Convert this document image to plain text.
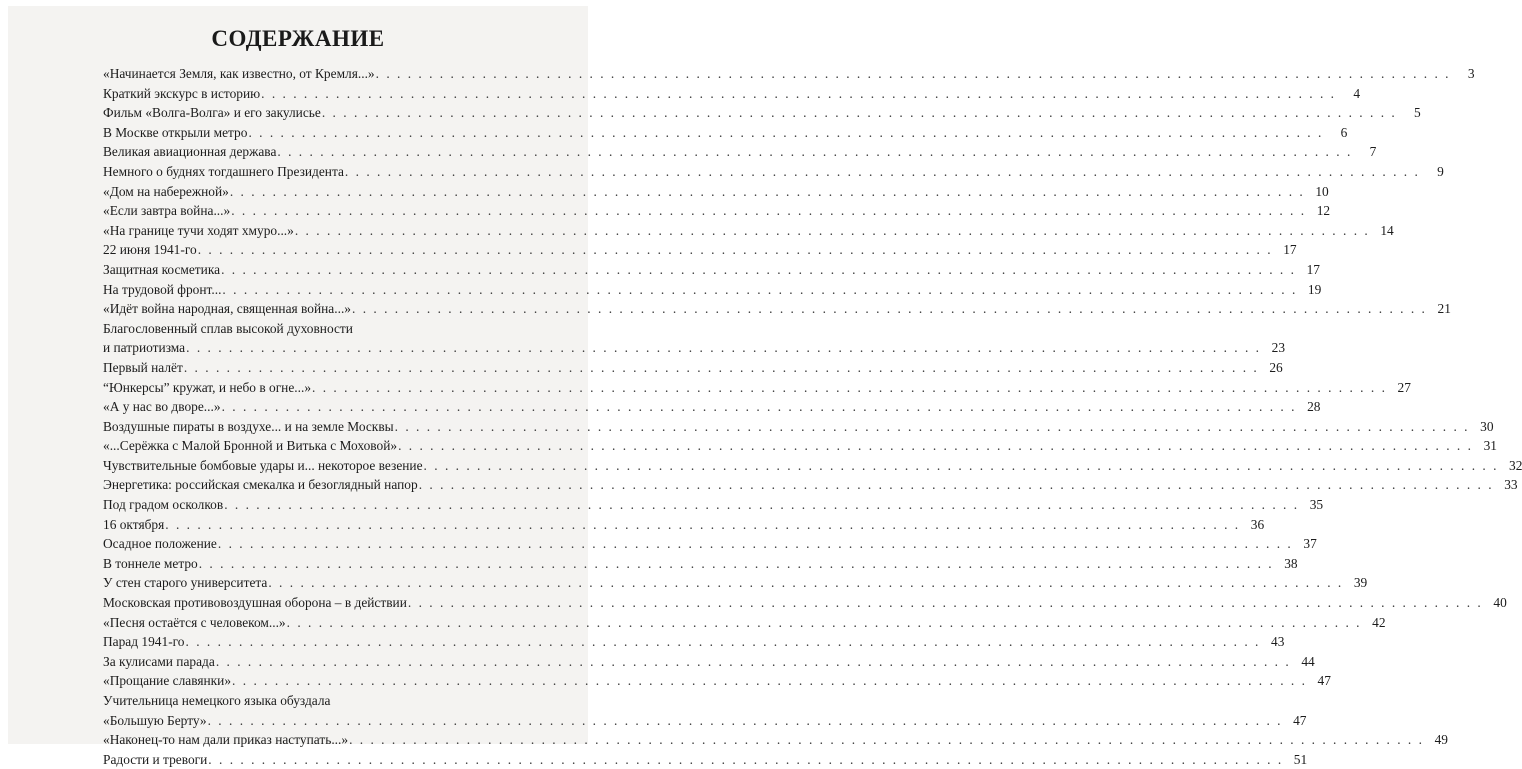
СОДЕРЖАНИЕ
«Начинается Земля, как известно, от Кремля...» . . .	3
Краткий экскурс в историю . . .	4
Фильм «Волга-Волга» и его закулисье . . .	5
В Москве открыли метро . . .	6
Великая авиационная держава . . .	7
Немного о буднях тогдашнего Президента . . .	9
«Дом на набережной» . . .	10
«Если завтра война...» . . .	12
«На границе тучи ходят хмуро...» . . .	14
22 июня 1941-го . . .	17
Защитная косметика . . .	17
На трудовой фронт... . . .	19
«Идёт война народная, священная война...» . . .	21
Благословенный сплав высокой духовности
и патриотизма . . .	23
Первый налёт . . .	26
“Юнкерсы” кружат, и небо в огне...» . . .	27
«А у нас во дворе...» . . .	28
Воздушные пираты в воздухе... и на земле Москвы . . .	30
«...Серёжка с Малой Бронной и Витька с Моховой» . . .	31
Чувствительные бомбовые удары и... некоторое везение . . .	32
Энергетика: российская смекалка и безоглядный напор . . .	33
Под градом осколков . . .	35
16 октября . . .	36
Осадное положение . . .	37
В тоннеле метро . . .	38
У стен старого университета . . .	39
Московская противовоздушная оборона – в действии . . .	40
«Песня остаётся с человеком...» . . .	42
Парад 1941-го . . .	43
За кулисами парада . . .	44
«Прощание славянки» . . .	47
Учительница немецкого языка обуздала
«Большую Берту» . . .	47
«Наконец-то нам дали приказ наступать...» . . .	49
Радости и тревоги . . .	51
